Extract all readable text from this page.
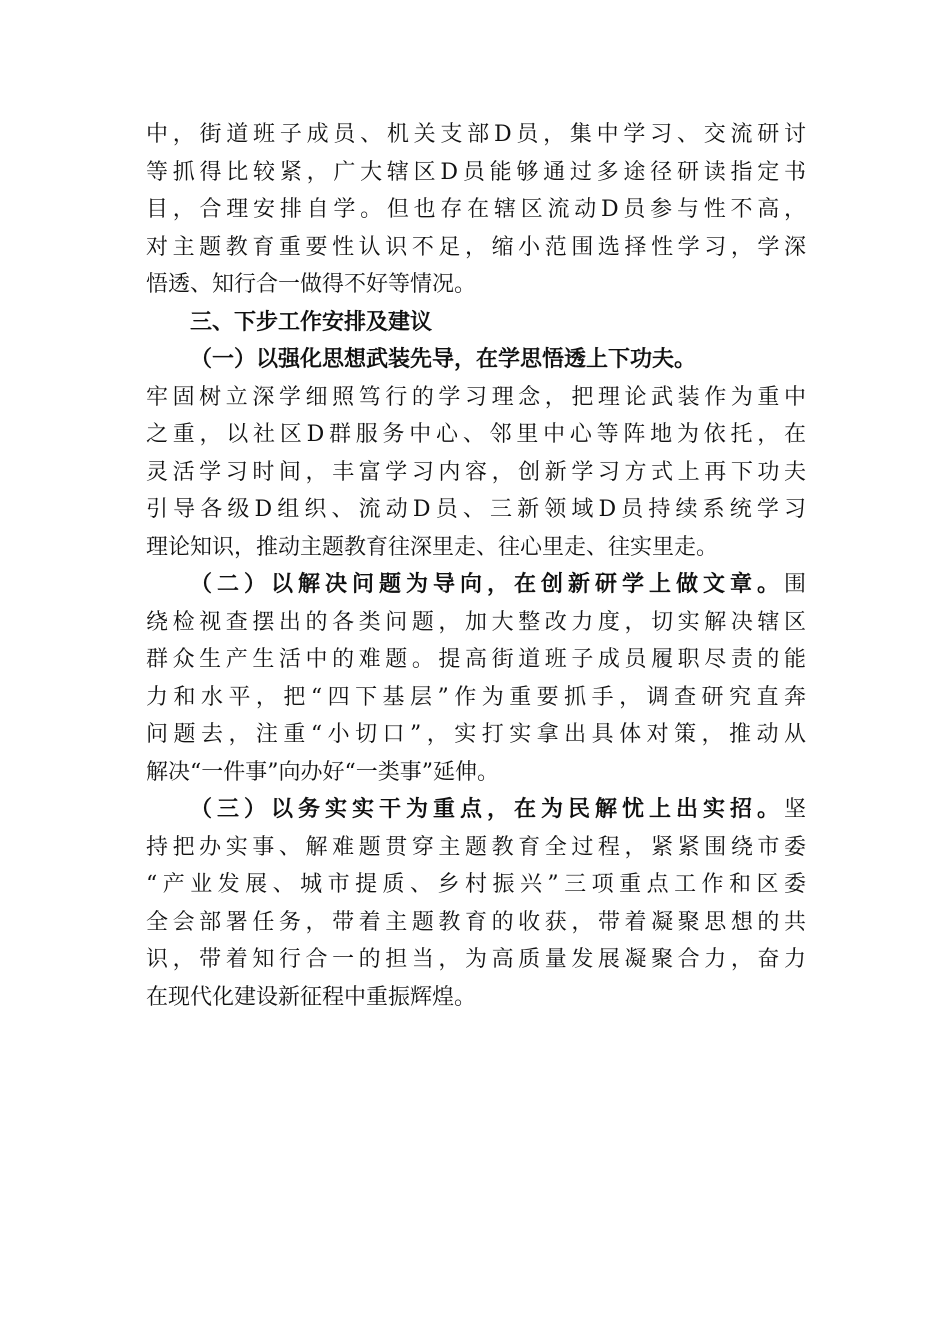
中，街道班子成员、机关支部D员，集中学习、交流研讨
等抓得比较紧，广大辖区D员能够通过多途径研读指定书
目，合理安排自学。但也存在辖区流动D员参与性不高，
对主题教育重要性认识不足，缩小范围选择性学习，学深
悟透、知行合一做得不好等情况。
三、下步工作安排及建议
（一）以强化思想武装先导，在学思悟透上下功夫。
牢固树立深学细照笃行的学习理念，把理论武装作为重中
之重，以社区D群服务中心、邻里中心等阵地为依托，在
灵活学习时间，丰富学习内容，创新学习方式上再下功夫
引导各级D组织、流动D员、三新领域D员持续系统学习
理论知识，推动主题教育往深里走、往心里走、往实里走。
（二）以解决问题为导向，在创新研学上做文章。围
绕检视查摆出的各类问题，加大整改力度，切实解决辖区
群众生产生活中的难题。提高街道班子成员履职尽责的能
力和水平，把“四下基层”作为重要抓手，调查研究直奔
问题去，注重“小切口”，实打实拿出具体对策，推动从
解决“一件事”向办好“一类事”延伸。
（三）以务实实干为重点，在为民解忧上出实招。坚
持把办实事、解难题贯穿主题教育全过程，紧紧围绕市委
“产业发展、城市提质、乡村振兴”三项重点工作和区委
全会部署任务，带着主题教育的收获，带着凝聚思想的共
识，带着知行合一的担当，为高质量发展凝聚合力，奋力
在现代化建设新征程中重振辉煌。
